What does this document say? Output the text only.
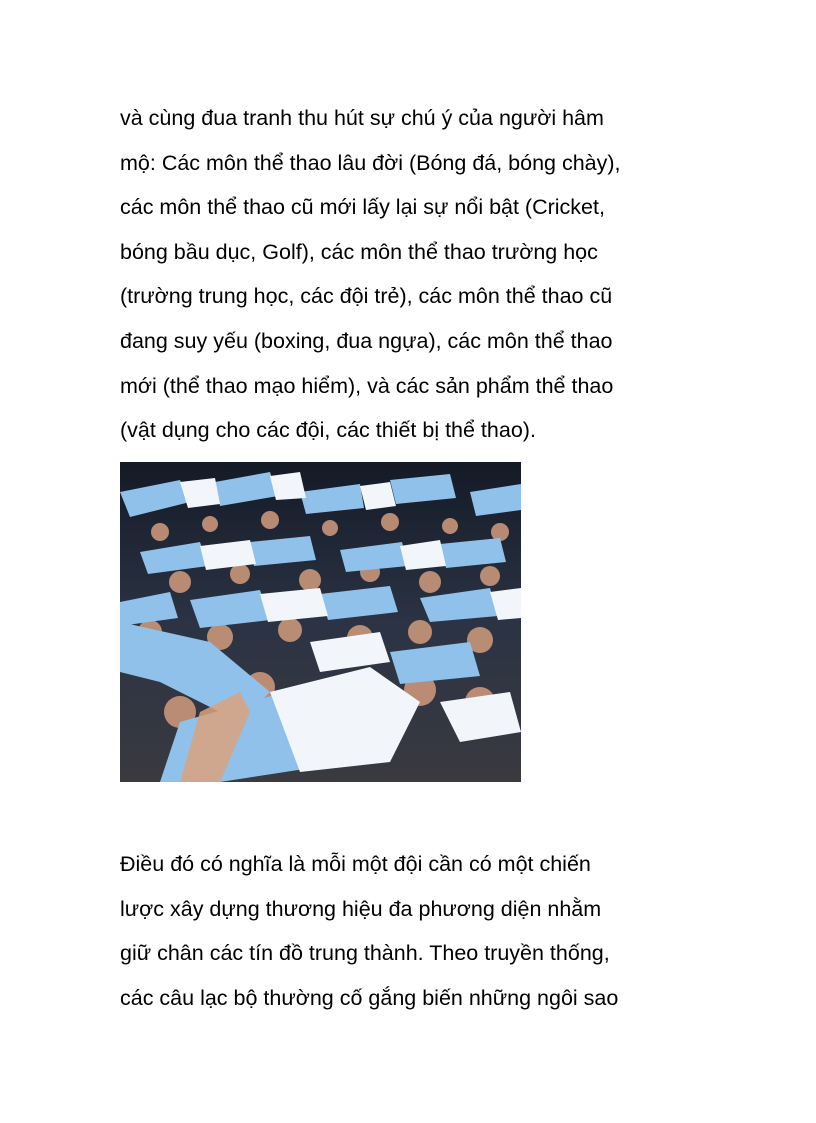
và cùng đua tranh thu hút sự chú ý của người hâm
mộ: Các môn thể thao lâu đời (Bóng đá, bóng chày),
các môn thể thao cũ mới lấy lại sự nổi bật (Cricket,
bóng bầu dục, Golf), các môn thể thao trường học
(trường trung học, các đội trẻ), các môn thể thao cũ
đang suy yếu (boxing, đua ngựa), các môn thể thao
mới (thể thao mạo hiểm), và các sản phẩm thể thao
(vật dụng cho các đội, các thiết bị thể thao).
Điều đó có nghĩa là mỗi một đội cần có một chiến
lược xây dựng thương hiệu đa phương diện nhằm
giữ chân các tín đồ trung thành. Theo truyền thống,
các câu lạc bộ thường cố gắng biến những ngôi sao
